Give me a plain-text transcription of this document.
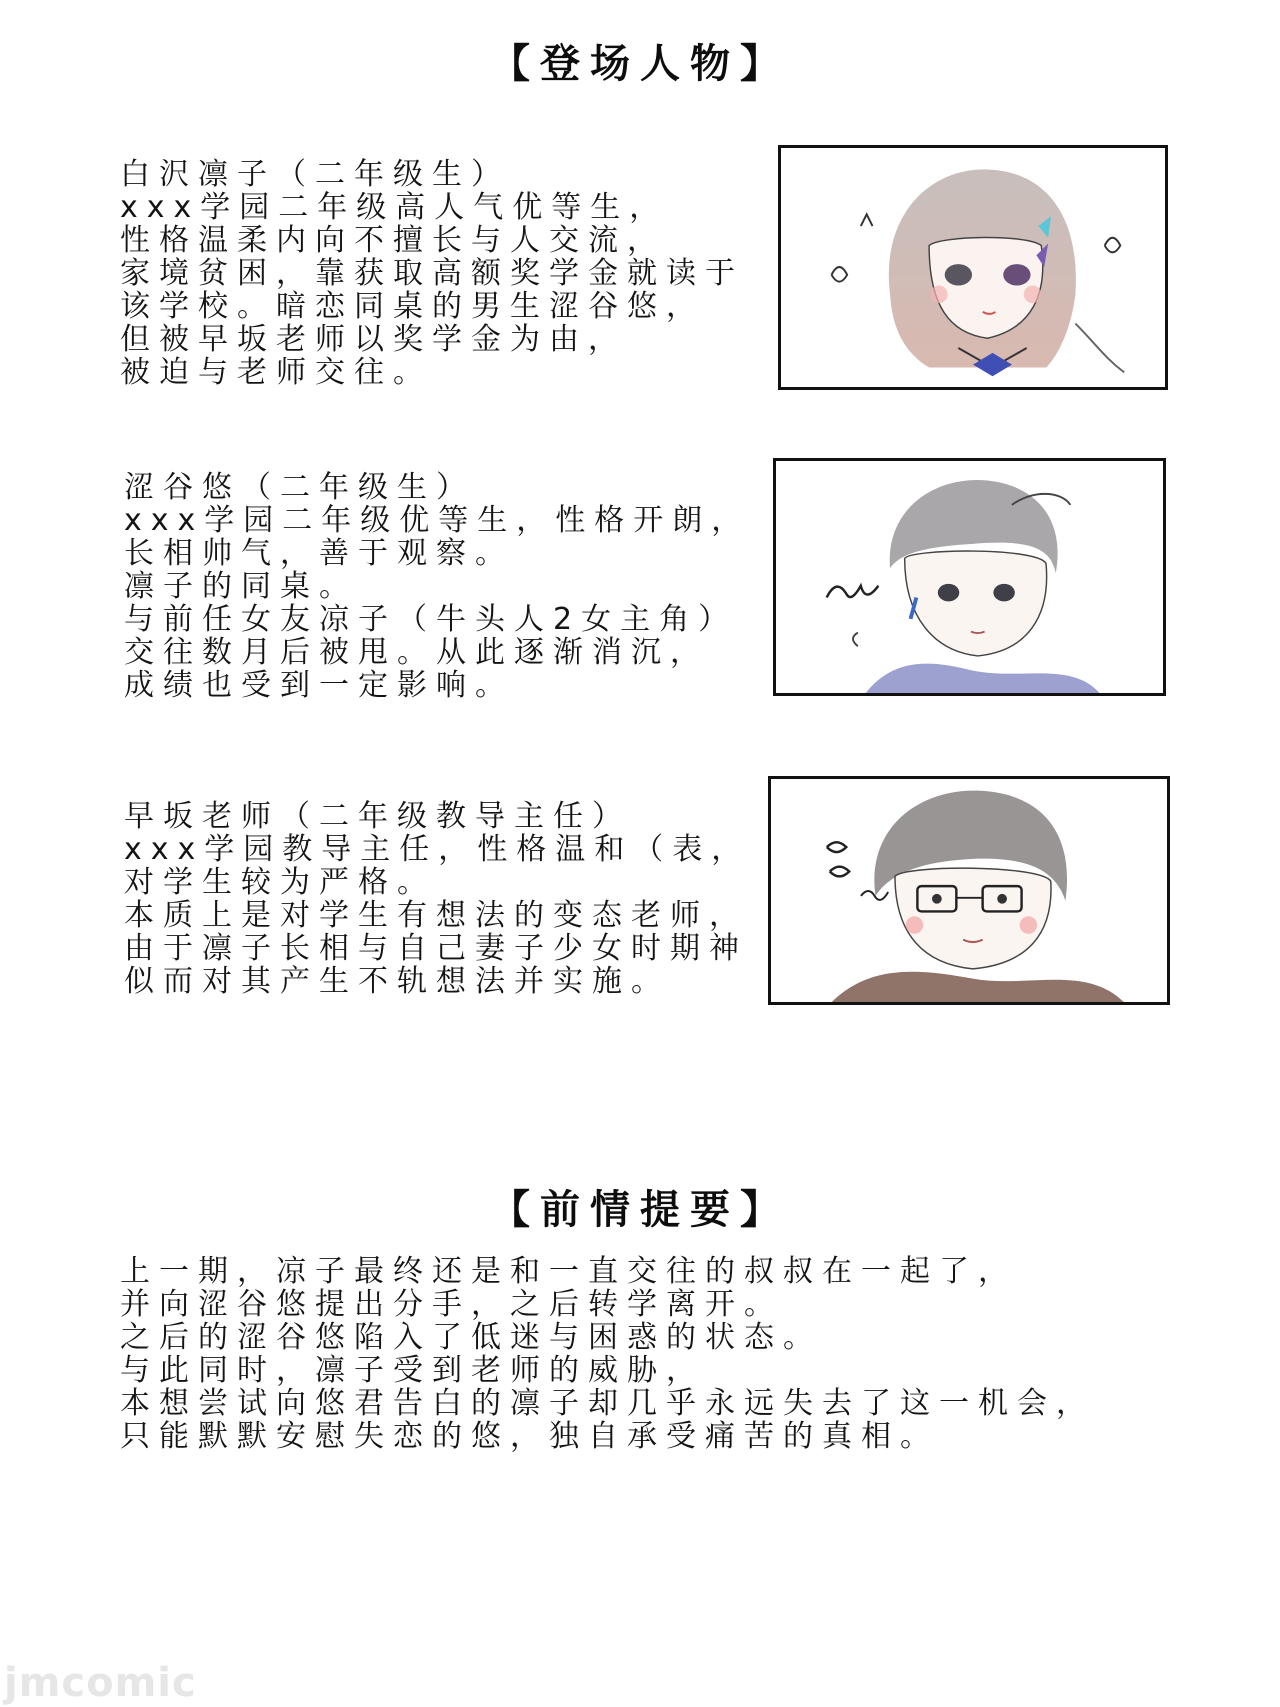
【登场人物】
白沢凛子（二年级生）
xxx学园二年级高人气优等生，
性格温柔内向不擅长与人交流，
家境贫困，靠获取高额奖学金就读于
该学校。暗恋同桌的男生涩谷悠，
但被早坂老师以奖学金为由，
被迫与老师交往。
涩谷悠（二年级生）
xxx学园二年级优等生，性格开朗，
长相帅气，善于观察。
凛子的同桌。
与前任女友凉子（牛头人2女主角）
交往数月后被甩。从此逐渐消沉，
成绩也受到一定影响。
早坂老师（二年级教导主任）
xxx学园教导主任，性格温和（表，
对学生较为严格。
本质上是对学生有想法的变态老师，
由于凛子长相与自己妻子少女时期神
似而对其产生不轨想法并实施。
【前情提要】
上一期，凉子最终还是和一直交往的叔叔在一起了，
并向涩谷悠提出分手，之后转学离开。
之后的涩谷悠陷入了低迷与困惑的状态。
与此同时，凛子受到老师的威胁，
本想尝试向悠君告白的凛子却几乎永远失去了这一机会，
只能默默安慰失恋的悠，独自承受痛苦的真相。
jmcomic
